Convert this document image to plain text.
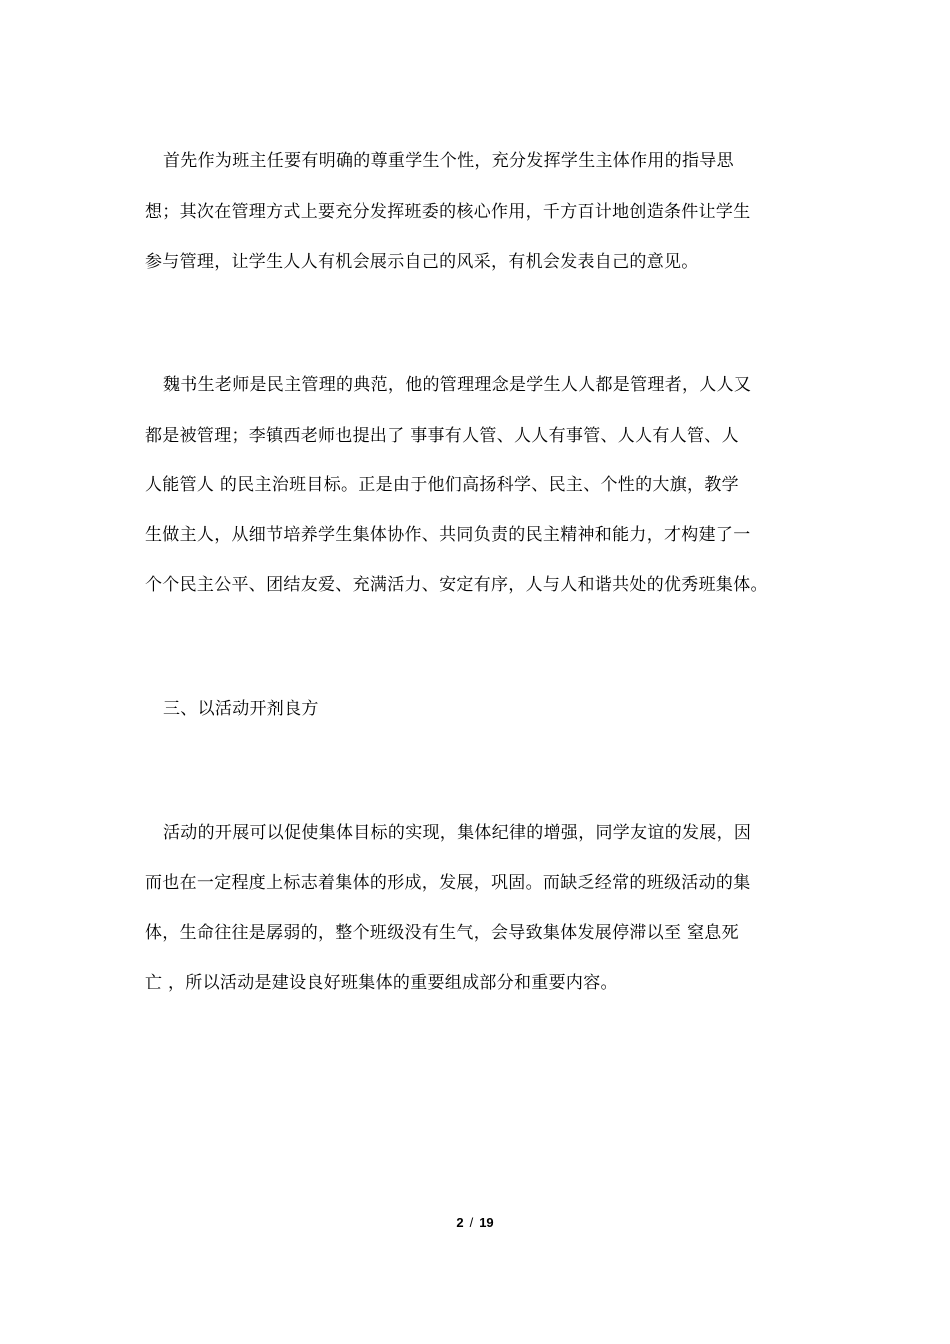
首先作为班主任要有明确的尊重学生个性，充分发挥学生主体作用的指导思
想；其次在管理方式上要充分发挥班委的核心作用，千方百计地创造条件让学生
参与管理，让学生人人有机会展示自己的风采，有机会发表自己的意见。
魏书生老师是民主管理的典范，他的管理理念是学生人人都是管理者，人人又
都是被管理；李镇西老师也提出了 事事有人管、人人有事管、人人有人管、人
人能管人 的民主治班目标。正是由于他们高扬科学、民主、个性的大旗，教学
生做主人，从细节培养学生集体协作、共同负责的民主精神和能力，才构建了一
个个民主公平、团结友爱、充满活力、安定有序，人与人和谐共处的优秀班集体。
三、以活动开剂良方
活动的开展可以促使集体目标的实现，集体纪律的增强，同学友谊的发展，因
而也在一定程度上标志着集体的形成，发展，巩固。而缺乏经常的班级活动的集
体，生命往往是孱弱的，整个班级没有生气，会导致集体发展停滞以至 窒息死
亡 ，所以活动是建设良好班集体的重要组成部分和重要内容。
2 / 19
